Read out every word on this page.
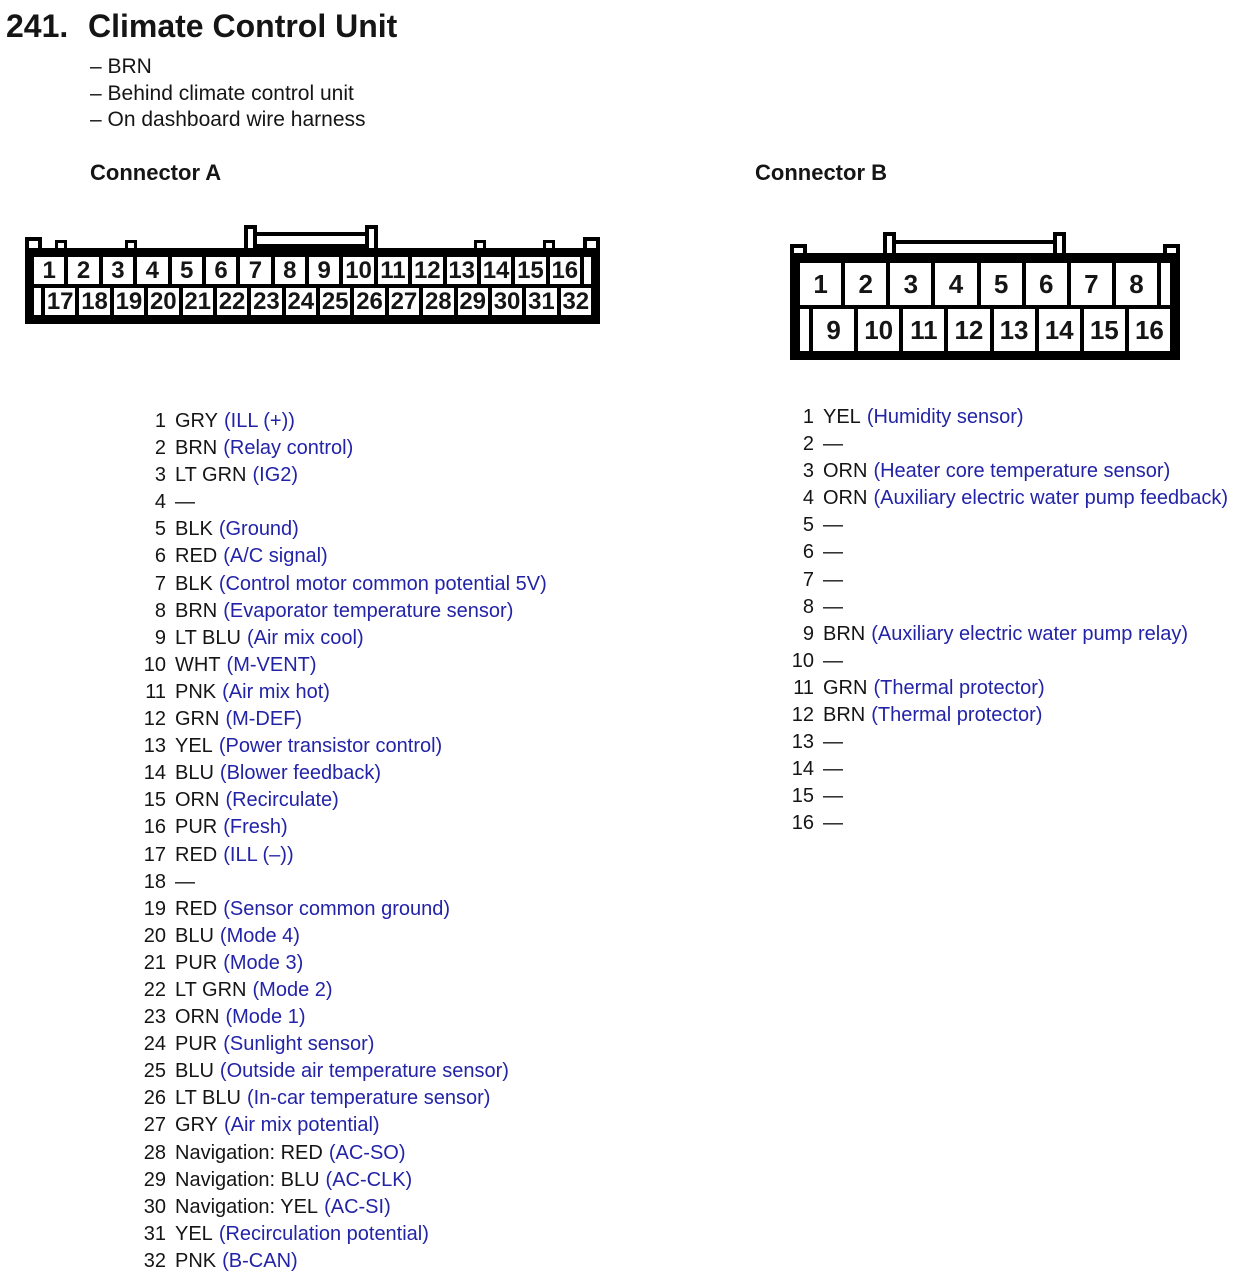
241. Climate Control Unit
– BRN
– Behind climate control unit
– On dashboard wire harness
Connector A	Connector B
1 2 3 4 5 6 7 8 9 10 11 12 13 14 15 16
17 18 19 20 21 22 23 24 25 26 27 28 29 30 31 32
1	2	3	4	5	6	7	8
9 10 11 12 13 14 15 16
1 GRY (ILL (+))
2 BRN (Relay control)
3 LT GRN (IG2)
4 —
5 BLK (Ground)
6 RED (A/C signal)
7 BLK (Control motor common potential 5V)
8 BRN (Evaporator temperature sensor)
9 LT BLU (Air mix cool)
10 WHT (M-VENT)
11 PNK (Air mix hot)
12 GRN (M-DEF)
13 YEL (Power transistor control)
14 BLU (Blower feedback)
15 ORN (Recirculate)
16 PUR (Fresh)
17 RED (ILL (–))
18 —
19 RED (Sensor common ground)
20 BLU (Mode 4)
21 PUR (Mode 3)
22 LT GRN (Mode 2)
23 ORN (Mode 1)
24 PUR (Sunlight sensor)
25 BLU (Outside air temperature sensor)
26 LT BLU (In-car temperature sensor)
27 GRY (Air mix potential)
28 Navigation: RED (AC-SO)
29 Navigation: BLU (AC-CLK)
30 Navigation: YEL (AC-SI)
31 YEL (Recirculation potential)
32 PNK (B-CAN)
1 YEL (Humidity sensor)
2 —
3 ORN (Heater core temperature sensor)
4 ORN (Auxiliary electric water pump feedback)
5 —
6 —
7 —
8 —
9 BRN (Auxiliary electric water pump relay)
10 —
11 GRN (Thermal protector)
12 BRN (Thermal protector)
13 —
14 —
15 —
16 —
